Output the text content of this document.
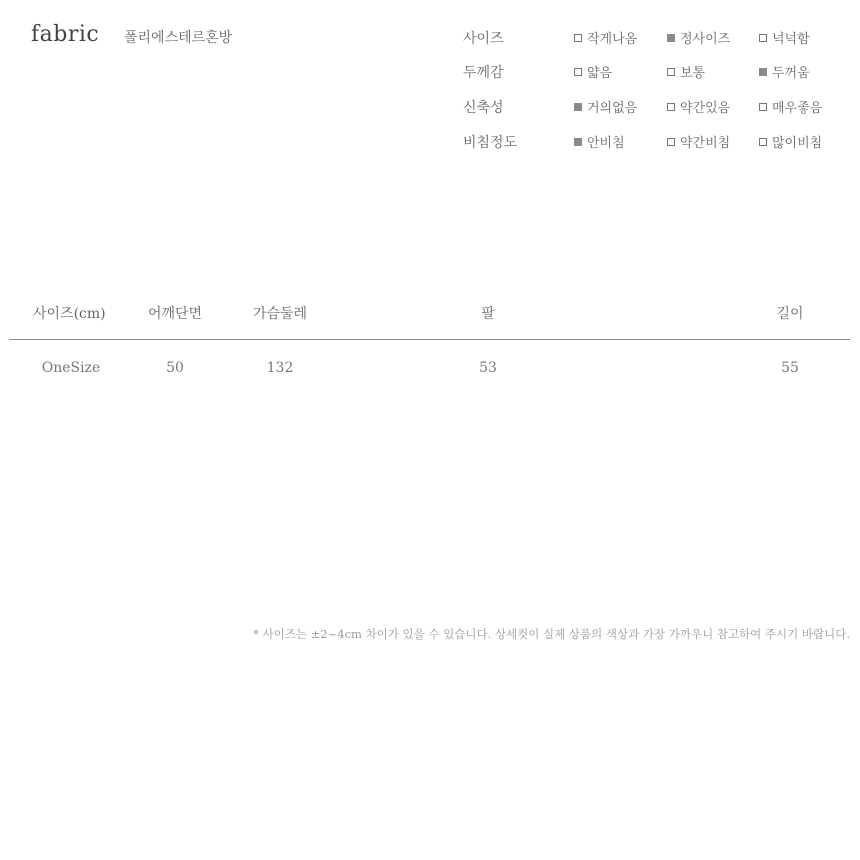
fabric 폴리에스테르혼방	사이즈	작게나옴	정사이즈	넉넉함
두께감	얇음	보통	두꺼움
신축성	거의없음	약간있음	매우좋음
비침정도	안비침	약간비침	많이비침
사이즈(cm)	어깨단면	가슴둘레	팔	길이
OneSize	50	132	53	55
* 사이즈는 ±2~4cm 차이가 있을 수 있습니다. 상세컷이 실제 상품의 색상과 가장 가까우니 참고하여 주시기 바랍니다.
